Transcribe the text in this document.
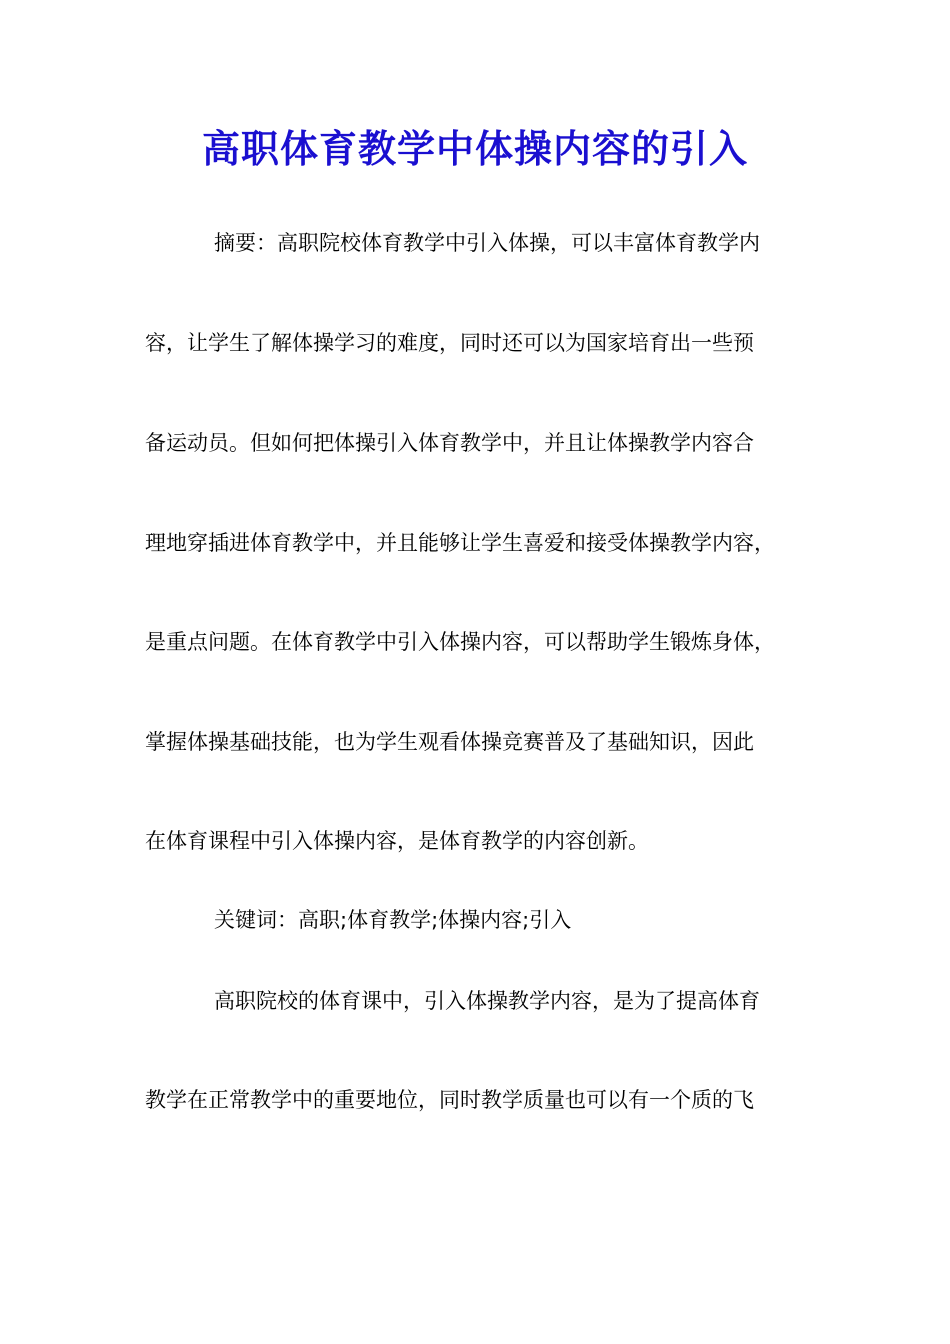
高职体育教学中体操内容的引入

摘要：高职院校体育教学中引入体操，可以丰富体育教学内

容，让学生了解体操学习的难度，同时还可以为国家培育出一些预

备运动员。但如何把体操引入体育教学中，并且让体操教学内容合

理地穿插进体育教学中，并且能够让学生喜爱和接受体操教学内容，

是重点问题。在体育教学中引入体操内容，可以帮助学生锻炼身体，

掌握体操基础技能，也为学生观看体操竞赛普及了基础知识，因此

在体育课程中引入体操内容，是体育教学的内容创新。

关键词：高职;体育教学;体操内容;引入

高职院校的体育课中，引入体操教学内容，是为了提高体育

教学在正常教学中的重要地位，同时教学质量也可以有一个质的飞
